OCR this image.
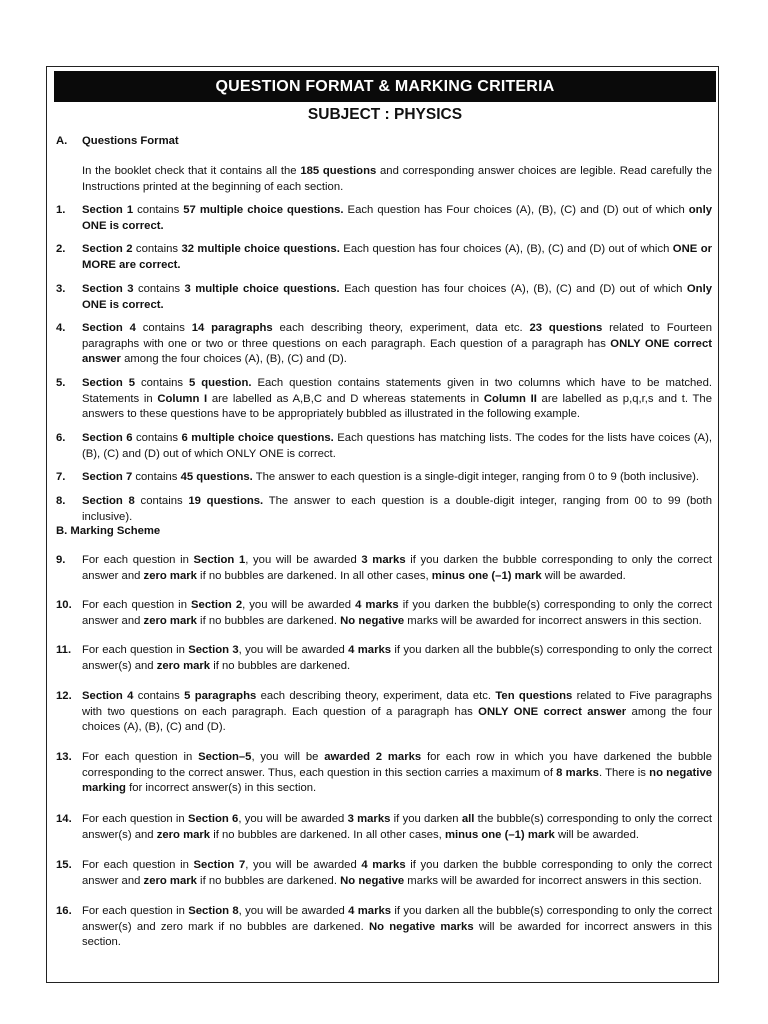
QUESTION FORMAT & MARKING CRITERIA
SUBJECT : PHYSICS
A.	Questions Format
In the booklet check that it contains all the 185 questions and corresponding answer choices are legible. Read carefully the Instructions printed at the beginning of each section.
1.	Section 1 contains 57 multiple choice questions. Each question has Four choices (A), (B), (C) and (D) out of which only ONE is correct.
2.	Section 2 contains 32 multiple choice questions. Each question has four choices (A), (B), (C) and (D) out of which ONE or MORE are correct.
3.	Section 3 contains 3 multiple choice questions. Each question has four choices (A), (B), (C) and (D) out of which Only ONE is correct.
4.	Section 4 contains 14 paragraphs each describing theory, experiment, data etc. 23 questions related to Fourteen paragraphs with one or two or three questions on each paragraph. Each question of a paragraph has ONLY ONE correct answer among the four choices (A), (B), (C) and (D).
5.	Section 5 contains 5 question. Each question contains statements given in two columns which have to be matched. Statements in Column I are labelled as A,B,C and D whereas statements in Column II are labelled as p,q,r,s and t. The answers to these questions have to be appropriately bubbled as illustrated in the following example.
6.	Section 6 contains 6 multiple choice questions. Each questions has matching lists. The codes for the lists have coices (A), (B), (C) and (D) out of which ONLY ONE is correct.
7.	Section 7 contains 45 questions. The answer to each question is a single-digit integer, ranging from 0 to 9 (both inclusive).
8.	Section 8 contains 19 questions. The answer to each question is a double-digit integer, ranging from 00 to 99 (both inclusive).
B. Marking Scheme
9.	For each question in Section 1, you will be awarded 3 marks if you darken the bubble corresponding to only the correct answer and zero mark if no bubbles are darkened. In all other cases, minus one (–1) mark will be awarded.
10. For each question in Section 2, you will be awarded 4 marks if you darken the bubble(s) corresponding to only the correct answer and zero mark if no bubbles are darkened. No negative marks will be awarded for incorrect answers in this section.
11. For each question in Section 3, you will be awarded 4 marks if you darken all the bubble(s) corresponding to only the correct answer(s) and zero mark if no bubbles are darkened.
12. Section 4 contains 5 paragraphs each describing theory, experiment, data etc. Ten questions related to Five paragraphs with two questions on each paragraph. Each question of a paragraph has ONLY ONE correct answer among the four choices (A), (B), (C) and (D).
13. For each question in Section–5, you will be awarded 2 marks for each row in which you have darkened the bubble corresponding to the correct answer. Thus, each question in this section carries a maximum of 8 marks. There is no negative marking for incorrect answer(s) in this section.
14. For each question in Section 6, you will be awarded 3 marks if you darken all the bubble(s) corresponding to only the correct answer(s) and zero mark if no bubbles are darkened. In all other cases, minus one (–1) mark will be awarded.
15. For each question in Section 7, you will be awarded 4 marks if you darken the bubble corresponding to only the correct answer and zero mark if no bubbles are darkened. No negative marks will be awarded for incorrect answers in this section.
16. For each question in Section 8, you will be awarded 4 marks if you darken all the bubble(s) corresponding to only the correct answer(s) and zero mark if no bubbles are darkened. No negative marks will be awarded for incorrect answers in this section.
